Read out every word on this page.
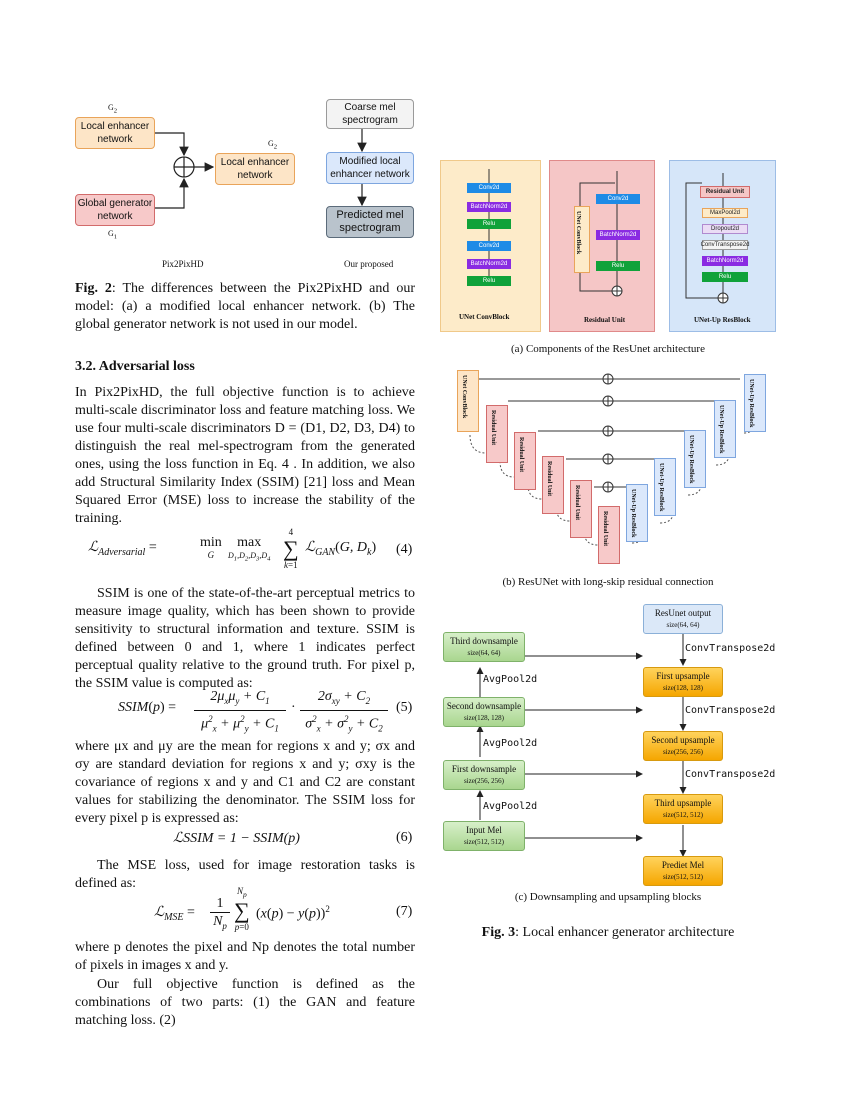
$G_2$
Local enhancer network
Global generator network
$G_1$
$G_2$
Local enhancer network
Coarse mel spectrogram
Modified local enhancer network
Predicted mel spectrogram
Pix2PixHD	Our proposed
Fig. 2: The differences between the Pix2PixHD and our model: (a) a modified local enhancer network. (b) The global generator network is not used in our model.
3.2. Adversarial loss
In Pix2PixHD, the full objective function is to achieve multi-scale discriminator loss and feature matching loss. We use four multi-scale discriminators D = (D1, D2, D3, D4) to distinguish the real mel-spectrogram from the generated ones, using the loss function in Eq. 4 . In addition, we also add Structural Similarity Index (SSIM) [21] loss and Mean Squared Error (MSE) loss to increase the stability of the training.
ℒ$_{Adversarial}$ =	min
G
max
$D_1,D_2,D_3,D_4$
4
∑
k=1
ℒ$_{GAN}$(G, $D_k$) (4)
SSIM is one of the state-of-the-art perceptual metrics to measure image quality, which has been shown to provide sensitivity to structural information and texture. SSIM is defined between 0 and 1, where 1 indicates perfect perceptual quality relative to the ground truth. For pixel p, the SSIM value is computed as:
SSIM(p) =
$2\mu_x\mu_y + C_1$
$\mu^2_x + \mu^2_y + C_1$
·
$2\sigma_{xy} + C_2$
$\sigma^2_x + \sigma^2_y + C_2$
(5)
where μx and μy are the mean for regions x and y; σx and σy are standard deviation for regions x and y; σxy is the covariance of regions x and y and C1 and C2 are constant values for stabilizing the denominator. The SSIM loss for every pixel p is expressed as:
ℒSSIM = 1 − SSIM(p)	(6)
The MSE loss, used for image restoration tasks is defined as:
ℒ$_{MSE}$ =
1
$N_p$
$N_p$
∑
p=0
$(x(p) - y(p))^2$	(7)
where p denotes the pixel and Np denotes the total number of pixels in images x and y.
Our full objective function is defined as the combinations of two parts: (1) the GAN and feature matching loss. (2)
Conv2d
BatchNorm2d
Relu
Conv2d
BatchNorm2d
Relu
UNet ConvBlock
UNet ConvBlock
Conv2d
BatchNorm2d
Relu
Residual Unit
Residual Unit
MaxPool2d
Dropout2d
ConvTranspose2d
BatchNorm2d
Relu
UNet-Up ResBlock
(a) Components of the ResUnet architecture
UNet ConvBlock
Residual Unit
Residual Unit
Residual Unit
Residual Unit
Residual Unit	UNet-Up ResBlock
UNet-Up ResBlock
UNet-Up ResBlock
UNet-Up ResBlock
UNet-Up ResBlock
(b) ResUNet with long-skip residual connection
ResUnet output
size(64, 64)
Third downsample
size(64, 64)
Second downsample
size(128, 128)
First downsample
size(256, 256)
Input Mel
size(512, 512)
First upsample
size(128, 128)
Second upsample
size(256, 256)
Third upsample
size(512, 512)
Prediet Mel
size(512, 512)
AvgPool2d
AvgPool2d
AvgPool2d
ConvTranspose2d
ConvTranspose2d
ConvTranspose2d
(c) Downsampling and upsampling blocks
Fig. 3: Local enhancer generator architecture
